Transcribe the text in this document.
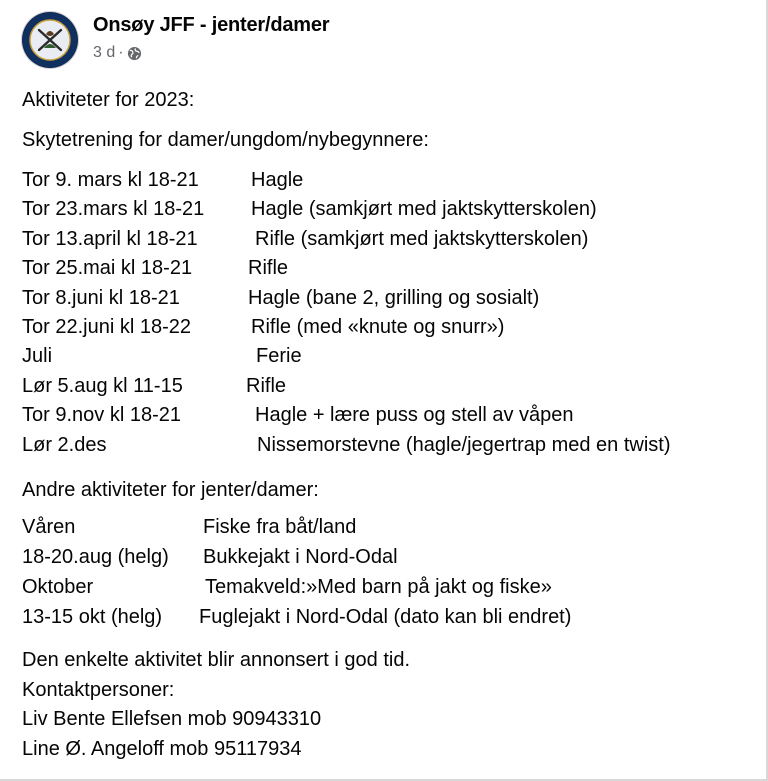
Onsøy JFF - jenter/damer
3 d ·
Aktiviteter for 2023:
Skytetrening for damer/ungdom/nybegynnere:
Tor 9. mars kl 18-21	Hagle
Tor 23.mars kl 18-21 Hagle (samkjørt med jaktskytterskolen)
Tor 13.april kl 18-21	Rifle (samkjørt med jaktskytterskolen)
Tor 25.mai kl 18-21	Rifle
Tor 8.juni kl 18-21	Hagle (bane 2, grilling og sosialt)
Tor 22.juni kl 18-22	Rifle (med «knute og snurr»)
Juli	Ferie
Lør 5.aug kl 11-15	Rifle
Tor 9.nov kl 18-21	Hagle + lære puss og stell av våpen
Lør 2.des	Nissemorstevne (hagle/jegertrap med en twist)
Andre aktiviteter for jenter/damer:
Våren	Fiske fra båt/land
18-20.aug (helg) Bukkejakt i Nord-Odal
Oktober	Temakveld:»Med barn på jakt og fiske»
13-15 okt (helg) Fuglejakt i Nord-Odal (dato kan bli endret)
Den enkelte aktivitet blir annonsert i god tid.
Kontaktpersoner:
Liv Bente Ellefsen mob 90943310
Line Ø. Angeloff mob 95117934
